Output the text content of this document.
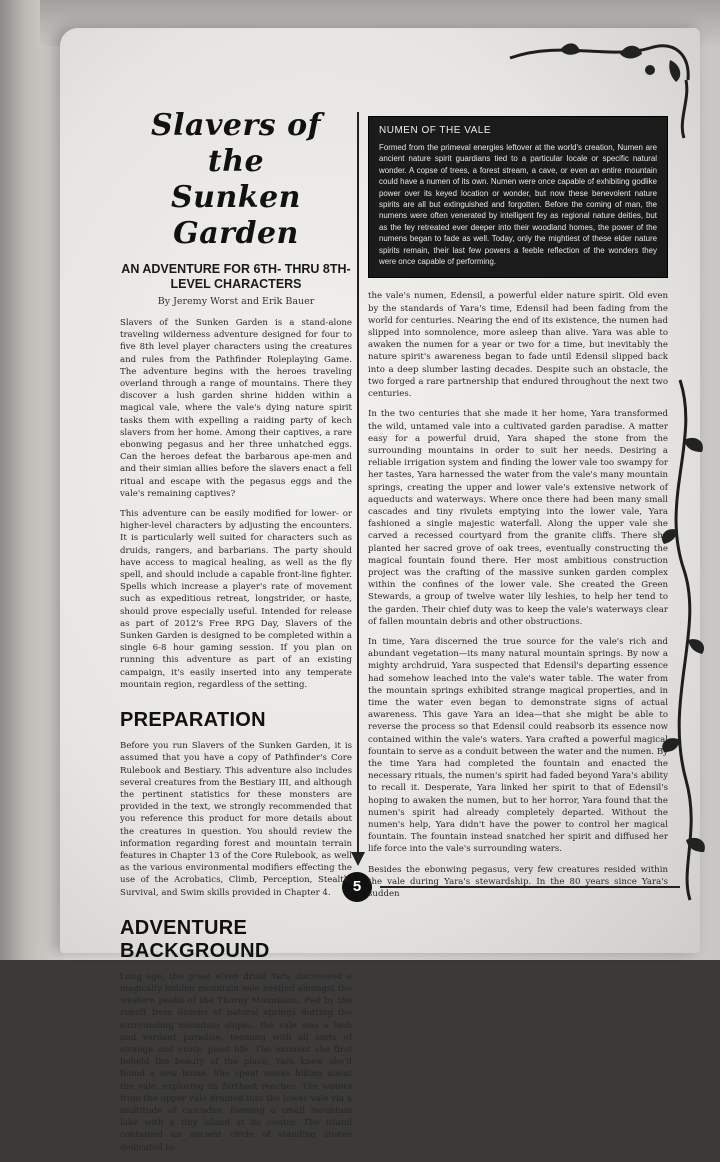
5
Slavers of the
Sunken Garden
AN ADVENTURE FOR 6TH- THRU 8TH-LEVEL CHARACTERS
By Jeremy Worst and Erik Bauer

Slavers of the Sunken Garden is a stand-alone traveling wilderness adventure designed for four to five 8th level player characters using the creatures and rules from the Pathfinder Roleplaying Game. The adventure begins with the heroes traveling overland through a range of mountains. There they discover a lush garden shrine hidden within a magical vale, where the vale's dying nature spirit tasks them with expelling a raiding party of kech slavers from her home. Among their captives, a rare ebonwing pegasus and her three unhatched eggs. Can the heroes defeat the barbarous ape-men and and their simian allies before the slavers enact a fell ritual and escape with the pegasus eggs and the vale's remaining captives?

This adventure can be easily modified for lower- or higher-level characters by adjusting the encounters. It is particularly well suited for characters such as druids, rangers, and barbarians. The party should have access to magical healing, as well as the fly spell, and should include a capable front-line fighter. Spells which increase a player's rate of movement such as expeditious retreat, longstrider, or haste, should prove especially useful. Intended for release as part of 2012's Free RPG Day, Slavers of the Sunken Garden is designed to be completed within a single 6-8 hour gaming session. If you plan on running this adventure as part of an existing campaign, it's easily inserted into any temperate mountain region, regardless of the setting.

PREPARATION

Before you run Slavers of the Sunken Garden, it is assumed that you have a copy of Pathfinder's Core Rulebook and Bestiary. This adventure also includes several creatures from the Bestiary III, and although the pertinent statistics for these monsters are provided in the text, we strongly recommended that you reference this product for more details about the creatures in question. You should review the information regarding forest and mountain terrain features in Chapter 13 of the Core Rulebook, as well as the various environmental modifiers effecting the use of the Acrobatics, Climb, Perception, Stealth, Survival, and Swim skills provided in Chapter 4.

ADVENTURE BACKGROUND

Long ago, the great elven druid Yara discovered a magically hidden mountain vale nestled amongst the western peaks of the Thorny Mountains. Fed by the runoff from dozens of natural springs dotting the surrounding mountain slopes, the vale was a lush and verdant paradise, teeming with all sorts of strange and exotic plant life. The moment she first beheld the beauty of the place, Yara knew she'd found a new home. She spent weeks hiking about the vale, exploring its furthest reaches. The waters from the upper vale drained into the lower vale via a multitude of cascades, forming a small mountain lake with a tiny island at its center. The island contained an ancient circle of standing stones dedicated to

NUMEN OF THE VALE

Formed from the primeval energies leftover at the world's creation, Numen are ancient nature spirit guardians tied to a particular locale or specific natural wonder. A copse of trees, a forest stream, a cave, or even an entire mountain could have a numen of its own. Numen were once capable of exhibiting godlike power over its keyed location or wonder, but now these benevolent nature spirits are all but extinguished and forgotten. Before the coming of man, the numens were often venerated by intelligent fey as regional nature deities, but as the fey retreated ever deeper into their woodland homes, the power of the numens began to fade as well. Today, only the mightiest of these elder nature spirits remain, their last few powers a feeble reflection of the wonders they were once capable of performing.

the vale's numen, Edensil, a powerful elder nature spirit. Old even by the standards of Yara's time, Edensil had been fading from the world for centuries. Nearing the end of its existence, the numen had slipped into somnolence, more asleep than alive. Yara was able to awaken the numen for a year or two for a time, but inevitably the nature spirit's awareness began to fade until Edensil slipped back into a deep slumber lasting decades. Despite such an obstacle, the two forged a rare partnership that endured throughout the next two centuries.

In the two centuries that she made it her home, Yara transformed the wild, untamed vale into a cultivated garden paradise. A matter easy for a powerful druid, Yara shaped the stone from the surrounding mountains in order to suit her needs. Desiring a reliable irrigation system and finding the lower vale too swampy for her tastes, Yara harnessed the water from the vale's many mountain springs, creating the upper and lower vale's extensive network of aqueducts and waterways. Where once there had been many small cascades and tiny rivulets emptying into the lower vale, Yara fashioned a single majestic waterfall. Along the upper vale she carved a recessed courtyard from the granite cliffs. There she planted her sacred grove of oak trees, eventually constructing the magical fountain found there. Her most ambitious construction project was the crafting of the massive sunken garden complex within the confines of the lower vale. She created the Green Stewards, a group of twelve water lily leshies, to help her tend to the garden. Their chief duty was to keep the vale's waterways clear of fallen mountain debris and other obstructions.

In time, Yara discerned the true source for the vale's rich and abundant vegetation—its many natural mountain springs. By now a mighty archdruid, Yara suspected that Edensil's departing essence had somehow leached into the vale's water table. The water from the mountain springs exhibited strange magical properties, and in time the water even began to demonstrate signs of actual awareness. This gave Yara an idea—that she might be able to reverse the process so that Edensil could reabsorb its essence now contained within the vale's waters. Yara crafted a powerful magical fountain to serve as a conduit between the water and the numen. By the time Yara had completed the fountain and enacted the necessary rituals, the numen's spirit had faded beyond Yara's ability to recall it. Desperate, Yara linked her spirit to that of Edensil's hoping to awaken the numen, but to her horror, Yara found that the numen's spirit had already completely departed. Without the numen's help, Yara didn't have the power to control her magical fountain. The fountain instead snatched her spirit and diffused her life force into the vale's surrounding waters.

Besides the ebonwing pegasus, very few creatures resided within the vale during Yara's stewardship. In the 80 years since Yara's sudden
